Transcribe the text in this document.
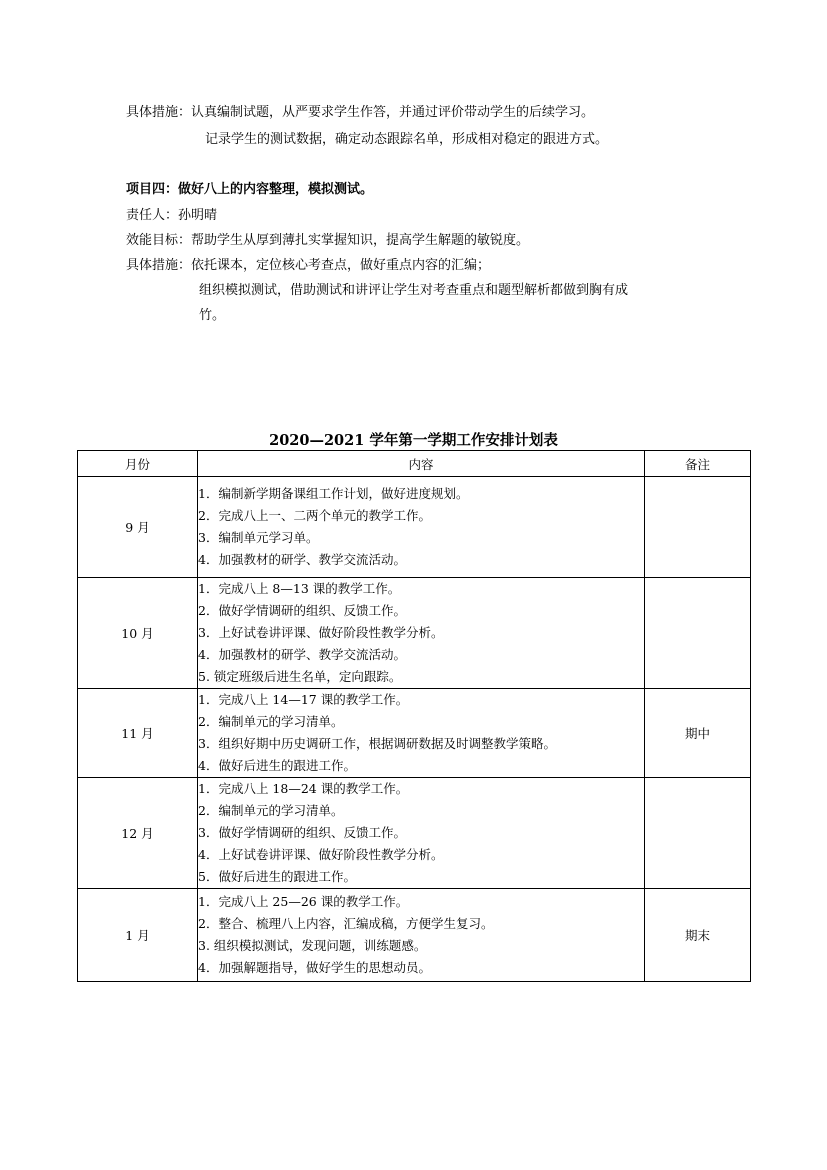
具体措施：认真编制试题，从严要求学生作答，并通过评价带动学生的后续学习。
记录学生的测试数据，确定动态跟踪名单，形成相对稳定的跟进方式。
项目四：做好八上的内容整理，模拟测试。
责任人：孙明晴
效能目标：帮助学生从厚到薄扎实掌握知识，提高学生解题的敏锐度。
具体措施：依托课本，定位核心考查点，做好重点内容的汇编；
组织模拟测试，借助测试和讲评让学生对考查重点和题型解析都做到胸有成
竹。
2020—2021 学年第一学期工作安排计划表
月份	内容	备注
9 月	1．编制新学期备课组工作计划，做好进度规划。
2．完成八上一、二两个单元的教学工作。
3．编制单元学习单。
4．加强教材的研学、教学交流活动。	

10 月	1．完成八上 8—13 课的教学工作。
2．做好学情调研的组织、反馈工作。
3．上好试卷讲评课、做好阶段性教学分析。
4．加强教材的研学、教学交流活动。
5. 锁定班级后进生名单，定向跟踪。	

11 月	1．完成八上 14—17 课的教学工作。
2．编制单元的学习清单。
3．组织好期中历史调研工作，根据调研数据及时调整教学策略。
4．做好后进生的跟进工作。	期中
12 月	1．完成八上 18—24 课的教学工作。
2．编制单元的学习清单。
3．做好学情调研的组织、反馈工作。
4．上好试卷讲评课、做好阶段性教学分析。
5．做好后进生的跟进工作。	

1 月	1．完成八上 25—26 课的教学工作。
2．整合、梳理八上内容，汇编成稿，方便学生复习。
3. 组织模拟测试，发现问题，训练题感。
4．加强解题指导，做好学生的思想动员。	期末
